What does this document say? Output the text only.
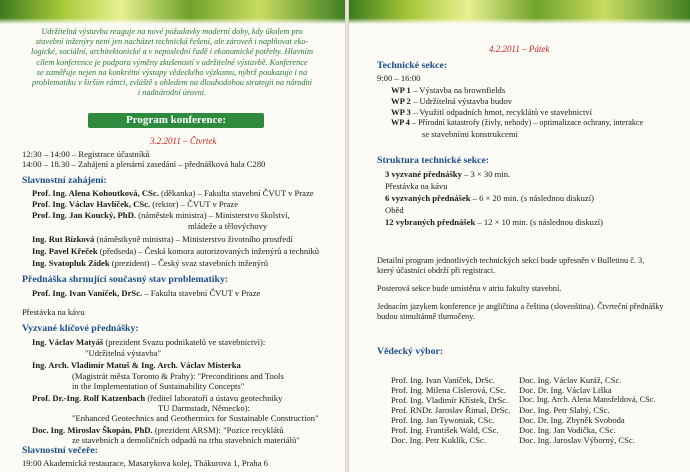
Udržitelná výstavba reaguje na nové požadavky moderní doby, kdy úkolem pro
stavební inženýry není jen nacházet technická řešení, ale zároveň i naplňovat eko-
logické, sociální, architektonické a v neposlední řadě i ekonomické potřeby. Hlavním
cílem konference je podpora výměny zkušeností v udržitelné výstavbě. Konference
se zaměřuje nejen na konkrétní výstupy vědeckého výzkumu, nýbrž poukazuje i na
problematiku v širším rámci, zvláště s ohledem na dlouhodobou strategii na národní
i nadnárodní úrovni.
Program konference:
3.2.2011 – Čtvrtek
12:30 – 14:00 – Registrace účastníků
14:00 – 18.30 – Zahájení a plenární zasedání – přednášková hala C280
Slavnostní zahájení:
Prof. Ing. Alena Kohoutková, CSc. (děkanka) – Fakulta stavební ČVUT v Praze
Prof. Ing. Václav Havlíček, CSc. (rektor) – ČVUT v Praze
Prof. Ing. Jan Koucký, PhD. (náměstek ministra) – Ministerstvo školství,
mládeže a tělovýchovy
Ing. Rut Bízková (náměstkyně ministra) – Ministerstvo životního prostředí
Ing. Pavel Křeček (předseda) – Česká komora autorizovaných inženýrů a techniků
Ing. Svatopluk Zídek (prezident) – Český svaz stavebních inženýrů
Přednáška shrnující současný stav problematiky:
Prof. Ing. Ivan Vaníček, DrSc. – Fakulta stavební ČVUT v Praze
Přestávka na kávu
Vyzvané klíčové přednášky:
Ing. Václav Matyáš (prezident Svazu podnikatelů ve stavebnictví):
"Udržitelná výstavba"
Ing. Arch. Vladimír Matuš & Ing. Arch. Václav Misterka
(Magistrát města Toronto & Prahy): "Preconditions and Tools
in the Implementation of Sustainability Concepts"
Prof. Dr.-Ing. Rolf Katzenbach (ředitel laboratoří a ústavu geotechniky
TU Darmstadt, Německo):
"Enhanced Geotechnics and Geothermics for Sustainable Construction"
Doc. Ing. Miroslav Škopán, PhD. (prezident ARSM): "Pozice recyklátů
ze stavebních a demoličních odpadů na trhu stavebních materiálů"
Slavnostní večeře:
19:00 Akademická restaurace, Masarykova kolej, Thákurova 1, Praha 6
4.2.2011 – Pátek
Technické sekce:
9:00 – 16:00
WP 1 – Výstavba na brownfields
WP 2 – Udržitelná výstavba budov
WP 3 – Využití odpadních hmot, recyklátů ve stavebnictví
WP 4 – Přírodní katastrofy (živly, nehody) – optimalizace ochrany, interakce
se stavebními konstrukcemi
Struktura technické sekce:
3 vyzvané přednášky – 3 × 30 min.
Přestávka na kávu
6 vyzvaných přednášek – 6 × 20 min. (s následnou diskuzí)
Oběd
12 vybraných přednášek – 12 × 10 min. (s následnou diskuzí)
Detailní program jednotlivých technických sekcí bude upřesněn v Bulletinu č. 3,
který účastníci obdrží při registraci.
Posterová sekce bude umístěna v atriu fakulty stavební.
Jednacím jazykem konference je angličtina a čeština (slovenština). Čtvrteční přednášky
budou simultánně tlumočeny.
Vědecký výbor:
Prof. Ing. Ivan Vaníček, DrSc.
Prof. Ing. Milena Císlerová, CSc.
Prof. Ing. Vladimír Křístek, DrSc.
Prof. RNDr. Jaroslav Řimal, DrSc.
Prof. Ing. Jan Tywoniak, CSc.
Prof. Ing. František Wald, CSc.
Doc. Ing. Petr Kuklík, CSc.
Doc. Ing. Václav Kuráž, CSc.
Doc. Dr. Ing. Václav Liška
Doc. Ing. Arch. Alena Mansfeldová, CSc.
Doc. Ing. Petr Slabý, CSc.
Doc. Dr. Ing. Zbyněk Svoboda
Doc. Ing. Jan Vodička, CSc.
Doc. Ing. Jaroslav Výborný, CSc.
